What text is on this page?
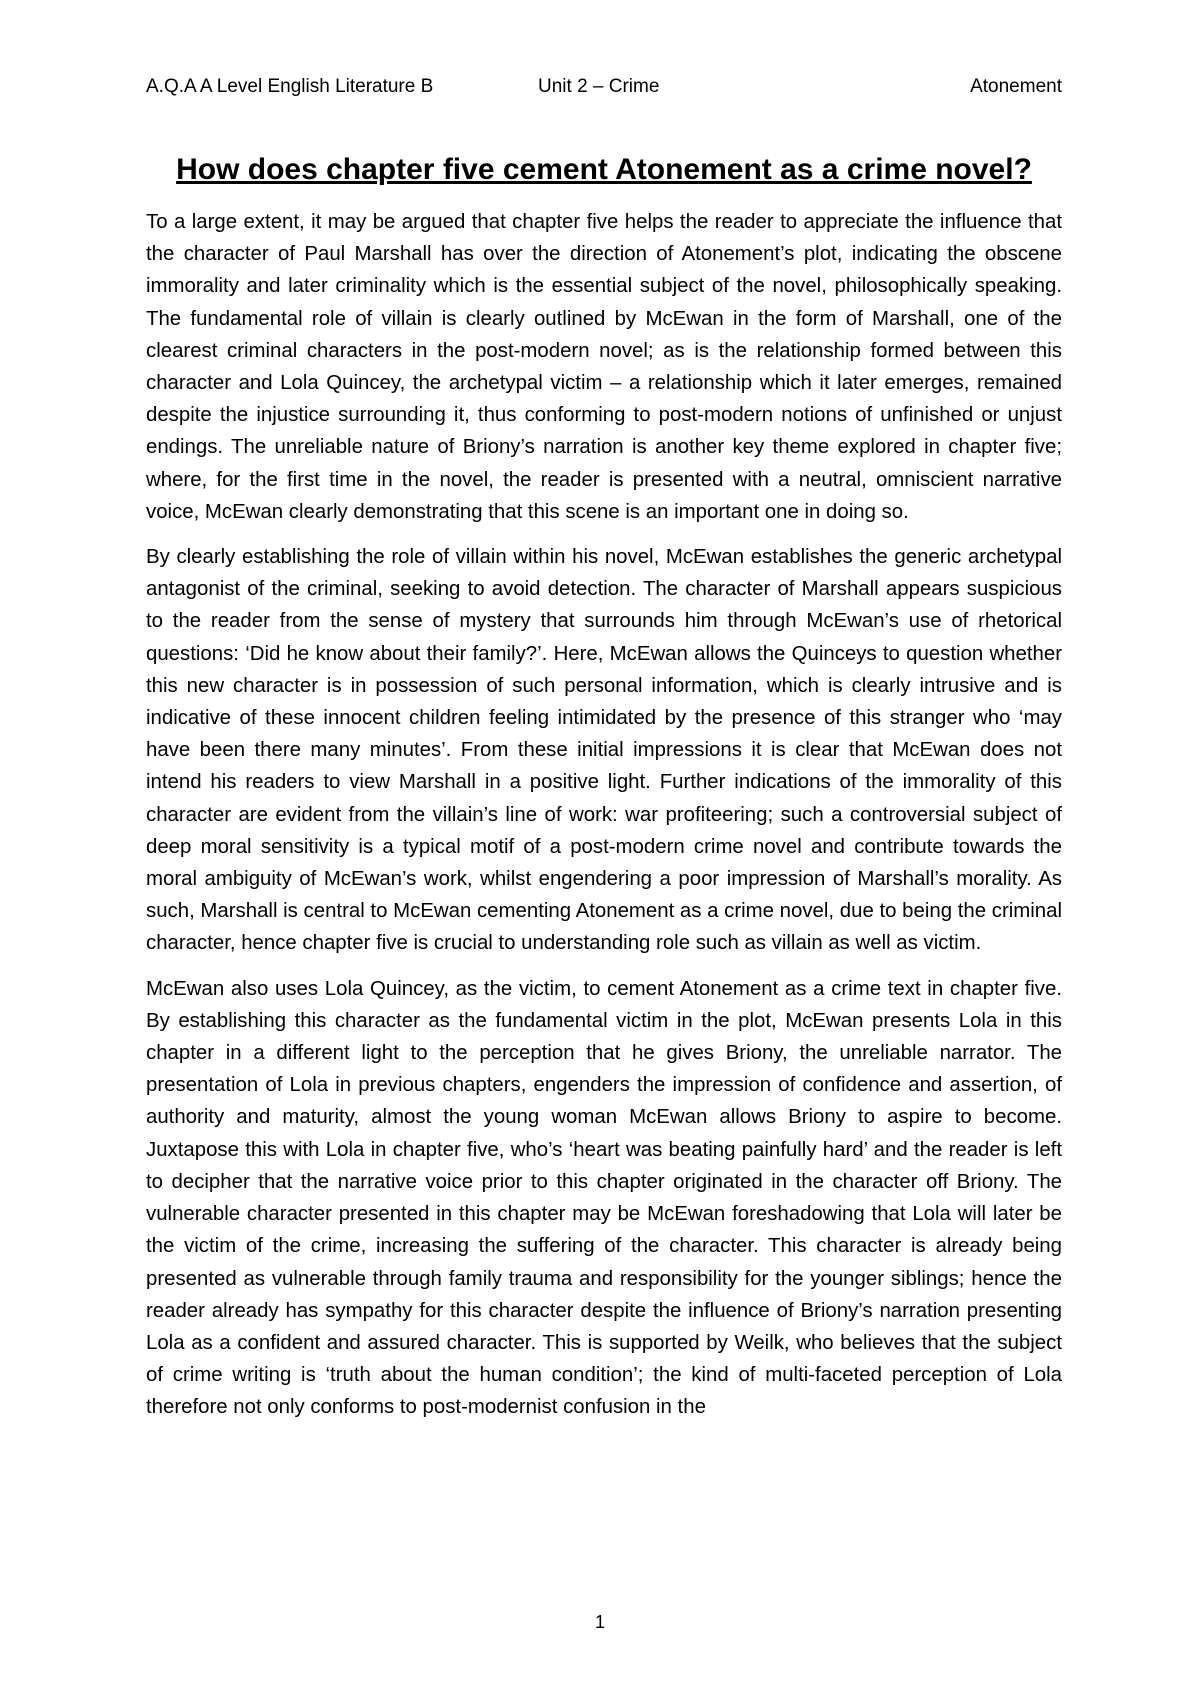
A.Q.A A Level English Literature B	Unit 2 – Crime	Atonement
How does chapter five cement Atonement as a crime novel?

To a large extent, it may be argued that chapter five helps the reader to appreciate the influence that the character of Paul Marshall has over the direction of Atonement’s plot, indicating the obscene immorality and later criminality which is the essential subject of the novel, philosophically speaking. The fundamental role of villain is clearly outlined by McEwan in the form of Marshall, one of the clearest criminal characters in the post-modern novel; as is the relationship formed between this character and Lola Quincey, the archetypal victim – a relationship which it later emerges, remained despite the injustice surrounding it, thus conforming to post-modern notions of unfinished or unjust endings. The unreliable nature of Briony’s narration is another key theme explored in chapter five; where, for the first time in the novel, the reader is presented with a neutral, omniscient narrative voice, McEwan clearly demonstrating that this scene is an important one in doing so.

By clearly establishing the role of villain within his novel, McEwan establishes the generic archetypal antagonist of the criminal, seeking to avoid detection. The character of Marshall appears suspicious to the reader from the sense of mystery that surrounds him through McEwan’s use of rhetorical questions: ‘Did he know about their family?’. Here, McEwan allows the Quinceys to question whether this new character is in possession of such personal information, which is clearly intrusive and is indicative of these innocent children feeling intimidated by the presence of this stranger who ‘may have been there many minutes’. From these initial impressions it is clear that McEwan does not intend his readers to view Marshall in a positive light. Further indications of the immorality of this character are evident from the villain’s line of work: war profiteering; such a controversial subject of deep moral sensitivity is a typical motif of a post-modern crime novel and contribute towards the moral ambiguity of McEwan’s work, whilst engendering a poor impression of Marshall’s morality. As such, Marshall is central to McEwan cementing Atonement as a crime novel, due to being the criminal character, hence chapter five is crucial to understanding role such as villain as well as victim.

McEwan also uses Lola Quincey, as the victim, to cement Atonement as a crime text in chapter five. By establishing this character as the fundamental victim in the plot, McEwan presents Lola in this chapter in a different light to the perception that he gives Briony, the unreliable narrator. The presentation of Lola in previous chapters, engenders the impression of confidence and assertion, of authority and maturity, almost the young woman McEwan allows Briony to aspire to become. Juxtapose this with Lola in chapter five, who’s ‘heart was beating painfully hard’ and the reader is left to decipher that the narrative voice prior to this chapter originated in the character off Briony. The vulnerable character presented in this chapter may be McEwan foreshadowing that Lola will later be the victim of the crime, increasing the suffering of the character. This character is already being presented as vulnerable through family trauma and responsibility for the younger siblings; hence the reader already has sympathy for this character despite the influence of Briony’s narration presenting Lola as a confident and assured character. This is supported by Weilk, who believes that the subject of crime writing is ‘truth about the human condition’; the kind of multi-faceted perception of Lola therefore not only conforms to post-modernist confusion in the

1
